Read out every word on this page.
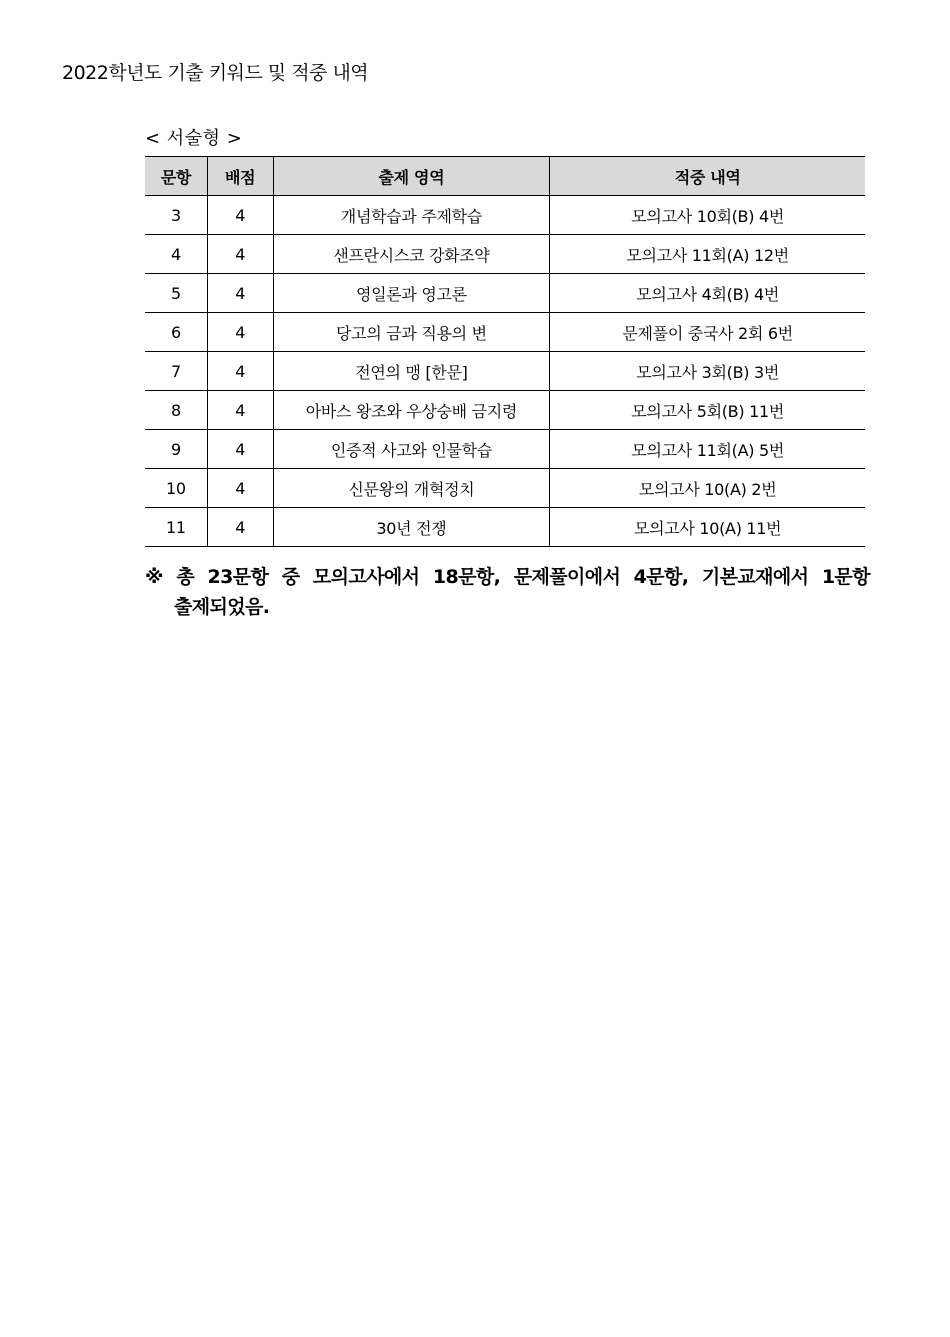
2022학년도 기출 키워드 및 적중 내역
< 서술형 >
문항	배점	출제 영역	적중 내역
3	4	개념학습과 주제학습	모의고사 10회(B) 4번
4	4	샌프란시스코 강화조약	모의고사 11회(A) 12번
5	4	영일론과 영고론	모의고사 4회(B) 4번
6	4	당고의 금과 직용의 변	문제풀이 중국사 2회 6번
7	4	전연의 맹 [한문]	모의고사 3회(B) 3번
8	4	아바스 왕조와 우상숭배 금지령	모의고사 5회(B) 11번
9	4	인증적 사고와 인물학습	모의고사 11회(A) 5번
10	4	신문왕의 개혁정치	모의고사 10(A) 2번
11	4	30년 전쟁	모의고사 10(A) 11번
※ 총 23문항 중 모의고사에서 18문항, 문제풀이에서 4문항, 기본교재에서 1문항
출제되었음.
